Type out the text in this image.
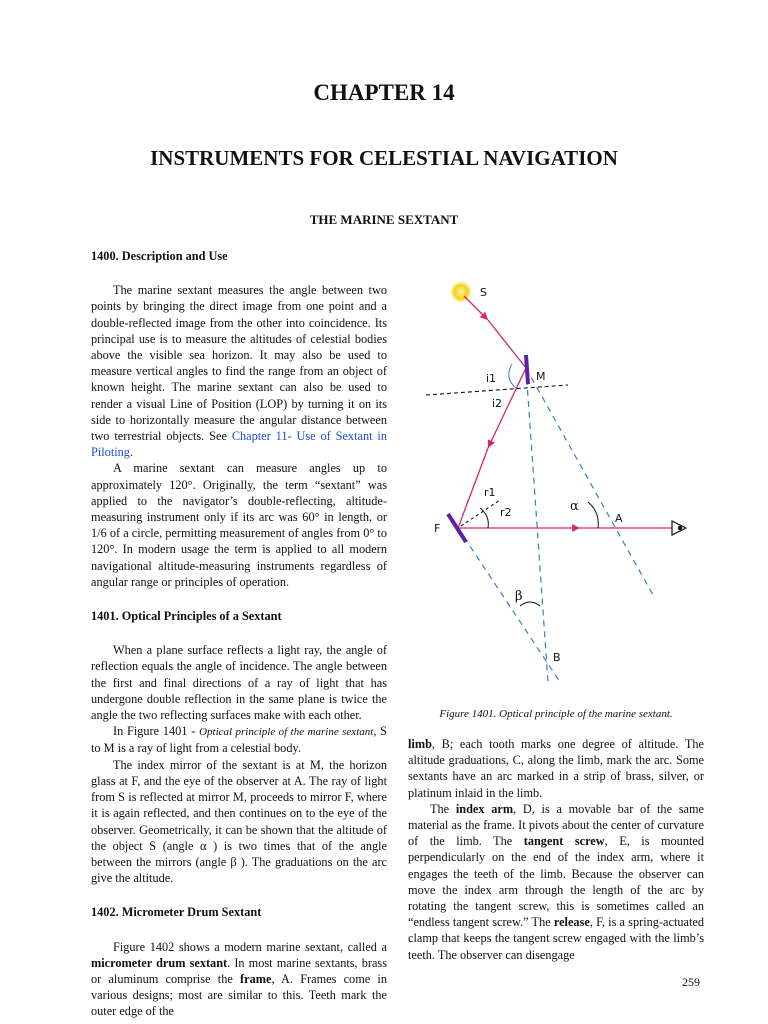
CHAPTER 14
INSTRUMENTS FOR CELESTIAL NAVIGATION
THE MARINE SEXTANT
1400. Description and Use

The marine sextant measures the angle between two points by bringing the direct image from one point and a double-reflected image from the other into coincidence. Its principal use is to measure the altitudes of celestial bodies above the visible sea horizon. It may also be used to measure vertical angles to find the range from an object of known height. The marine sextant can also be used to render a visual Line of Position (LOP) by turning it on its side to horizontally measure the angular distance between two terrestrial objects. See Chapter 11- Use of Sextant in Piloting.

A marine sextant can measure angles up to approximately 120°. Originally, the term “sextant” was applied to the navigator’s double-reflecting, altitude-measuring instrument only if its arc was 60° in length, or 1/6 of a circle, permitting measurement of angles from 0° to 120°. In modern usage the term is applied to all modern navigational altitude-measuring instruments regardless of angular range or principles of operation.

1401. Optical Principles of a Sextant

When a plane surface reflects a light ray, the angle of reflection equals the angle of incidence. The angle between the first and final directions of a ray of light that has undergone double reflection in the same plane is twice the angle the two reflecting surfaces make with each other.

In Figure 1401 - Optical principle of the marine sextant, S to M is a ray of light from a celestial body.

The index mirror of the sextant is at M, the horizon glass at F, and the eye of the observer at A. The ray of light from S is reflected at mirror M, proceeds to mirror F, where it is again reflected, and then continues on to the eye of the observer. Geometrically, it can be shown that the altitude of the object S (angle α ) is two times that of the angle between the mirrors (angle β ). The graduations on the arc give the altitude.

1402. Micrometer Drum Sextant

Figure 1402 shows a modern marine sextant, called a micrometer drum sextant. In most marine sextants, brass or aluminum comprise the frame, A. Frames come in various designs; most are similar to this. Teeth mark the outer edge of the

S
M
i1
i2
r1
r2
F
A
B
α
β
Figure 1401. Optical principle of the marine sextant.

limb, B; each tooth marks one degree of altitude. The altitude graduations, C, along the limb, mark the arc. Some sextants have an arc marked in a strip of brass, silver, or platinum inlaid in the limb.

The index arm, D, is a movable bar of the same material as the frame. It pivots about the center of curvature of the limb. The tangent screw, E, is mounted perpendicularly on the end of the index arm, where it engages the teeth of the limb. Because the observer can move the index arm through the length of the arc by rotating the tangent screw, this is sometimes called an “endless tangent screw.” The release, F, is a spring-actuated clamp that keeps the tangent screw engaged with the limb’s teeth. The observer can disengage

259
